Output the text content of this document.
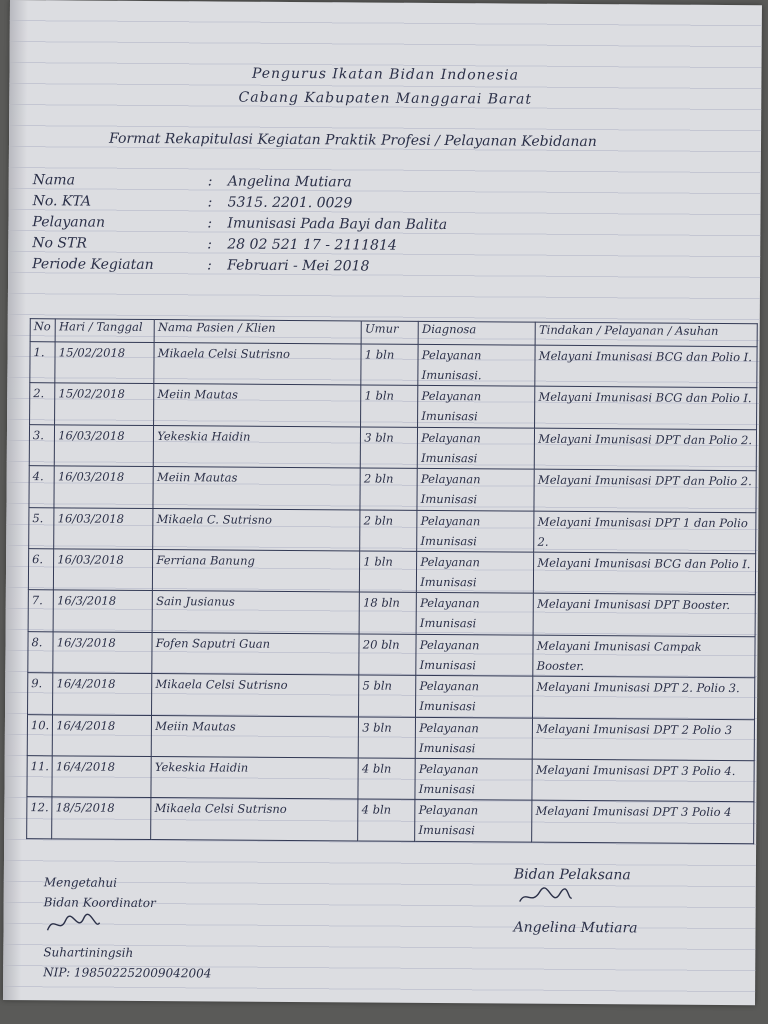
Pengurus Ikatan Bidan Indonesia
Cabang Kabupaten Manggarai Barat
Format Rekapitulasi Kegiatan Praktik Profesi / Pelayanan Kebidanan
Nama	:	Angelina Mutiara
No. KTA	:	5315. 2201. 0029
Pelayanan	:	Imunisasi Pada Bayi dan Balita
No STR	:	28 02 521 17 - 2111814
Periode Kegiatan	:	Februari - Mei 2018
No	Hari / Tanggal	Nama Pasien / Klien	Umur	Diagnosa	Tindakan / Pelayanan / Asuhan
1.	15/02/2018	Mikaela Celsi Sutrisno	1 bln	Pelayanan Imunisasi.	Melayani Imunisasi BCG dan Polio I.
2.	15/02/2018	Meiin Mautas	1 bln	Pelayanan Imunisasi	Melayani Imunisasi BCG dan Polio I.
3.	16/03/2018	Yekeskia Haidin	3 bln	Pelayanan Imunisasi	Melayani Imunisasi DPT dan Polio 2.
4.	16/03/2018	Meiin Mautas	2 bln	Pelayanan Imunisasi	Melayani Imunisasi DPT dan Polio 2.
5.	16/03/2018	Mikaela C. Sutrisno	2 bln	Pelayanan Imunisasi	Melayani Imunisasi DPT 1 dan Polio 2.
6.	16/03/2018	Ferriana Banung	1 bln	Pelayanan Imunisasi	Melayani Imunisasi BCG dan Polio I.
7.	16/3/2018	Sain Jusianus	18 bln	Pelayanan Imunisasi	Melayani Imunisasi DPT Booster.
8.	16/3/2018	Fofen Saputri Guan	20 bln	Pelayanan Imunisasi	Melayani Imunisasi Campak Booster.
9.	16/4/2018	Mikaela Celsi Sutrisno	5 bln	Pelayanan Imunisasi	Melayani Imunisasi DPT 2. Polio 3.
10.	16/4/2018	Meiin Mautas	3 bln	Pelayanan Imunisasi	Melayani Imunisasi DPT 2 Polio 3
11.	16/4/2018	Yekeskia Haidin	4 bln	Pelayanan Imunisasi	Melayani Imunisasi DPT 3 Polio 4.
12.	18/5/2018	Mikaela Celsi Sutrisno	4 bln	Pelayanan Imunisasi	Melayani Imunisasi DPT 3 Polio 4
Mengetahui
Bidan Koordinator
Suhartiningsih
NIP: 198502252009042004
Bidan Pelaksana
Angelina Mutiara
